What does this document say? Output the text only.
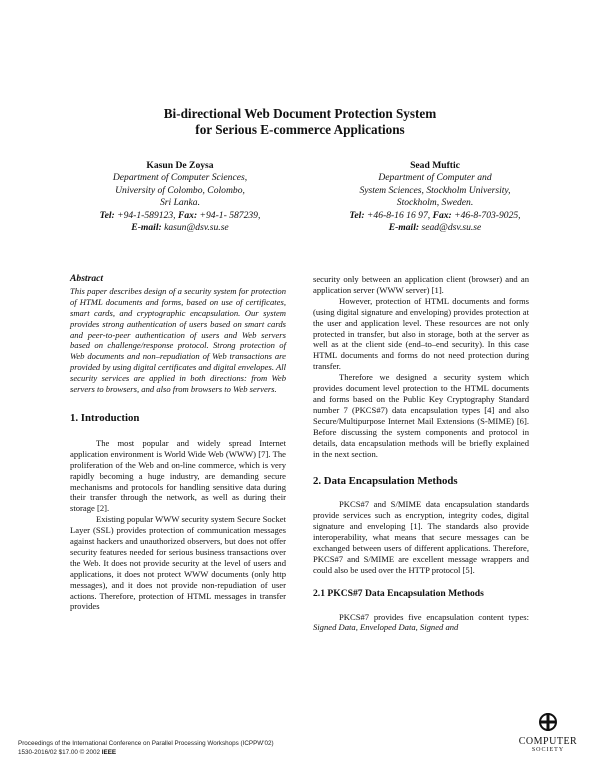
Bi-directional Web Document Protection System
for Serious E-commerce Applications
Kasun De Zoysa
Department of Computer Sciences,
University of Colombo, Colombo,
Sri Lanka.
Tel: +94-1-589123, Fax: +94-1- 587239,
E-mail: kasun@dsv.su.se
Sead Muftic
Department of Computer and
System Sciences, Stockholm University,
Stockholm, Sweden.
Tel: +46-8-16 16 97, Fax: +46-8-703-9025,
E-mail: sead@dsv.su.se
Abstract

This paper describes design of a security system for protection of HTML documents and forms, based on use of certificates, smart cards, and cryptographic encapsulation. Our system provides strong authentication of users based on smart cards and peer-to-peer authentication of users and Web servers based on challenge/response protocol. Strong protection of Web documents and non–repudiation of Web transactions are provided by using digital certificates and digital envelopes. All security services are applied in both directions: from Web servers to browsers, and also from browsers to Web servers.

1. Introduction

The most popular and widely spread Internet application environment is World Wide Web (WWW) [7]. The proliferation of the Web and on-line commerce, which is very rapidly becoming a huge industry, are demanding secure mechanisms and protocols for handling sensitive data during their transfer through the network, as well as during their storage [2].

Existing popular WWW security system Secure Socket Layer (SSL) provides protection of communication messages against hackers and unauthorized observers, but does not offer security features needed for serious business transactions over the Web. It does not provide security at the level of users and applications, it does not protect WWW documents (only http messages), and it does not provide non-repudiation of user actions. Therefore, protection of HTML messages in transfer provides

security only between an application client (browser) and an application server (WWW server) [1].

However, protection of HTML documents and forms (using digital signature and enveloping) provides protection at the user and application level. These resources are not only protected in transfer, but also in storage, both at the server as well as at the client side (end–to–end security). In this case HTML documents and forms do not need protection during transfer.

Therefore we designed a security system which provides document level protection to the HTML documents and forms based on the Public Key Cryptography Standard number 7 (PKCS#7) data encapsulation types [4] and also Secure/Multipurpose Internet Mail Extensions (S-MIME) [6]. Before discussing the system components and protocol in details, data encapsulation methods will be briefly explained in the next section.

2. Data Encapsulation Methods

PKCS#7 and S/MIME data encapsulation standards provide services such as encryption, integrity codes, digital signature and enveloping [1]. The standards also provide interoperability, what means that secure messages can be exchanged between users of different applications. Therefore, PKCS#7 and S/MIME are excellent message wrappers and could also be used over the HTTP protocol [5].

2.1 PKCS#7 Data Encapsulation Methods

PKCS#7 provides five encapsulation content types: Signed Data, Enveloped Data, Signed and

Proceedings of the International Conference on Parallel Processing Workshops (ICPPW'02)
1530-2016/02 $17.00 © 2002 IEEE
COMPUTER
SOCIETY
